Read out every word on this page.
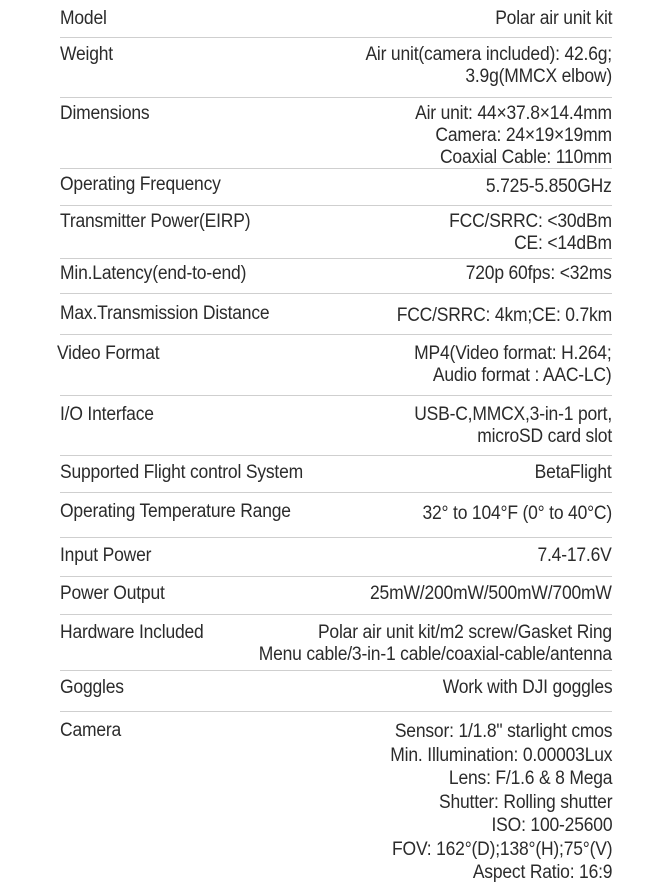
Model	Polar air unit kit
Weight	Air unit(camera included): 42.6g;
3.9g(MMCX elbow)
Dimensions	Air unit: 44×37.8×14.4mm
Camera: 24×19×19mm
Coaxial Cable: 110mm
Operating Frequency	5.725-5.850GHz
Transmitter Power(EIRP)	FCC/SRRC: <30dBm
CE: <14dBm
Min.Latency(end-to-end)	720p 60fps: <32ms
Max.Transmission Distance	FCC/SRRC: 4km;CE: 0.7km
Video Format	MP4(Video format: H.264;
Audio format : AAC-LC)
I/O Interface	USB-C,MMCX,3-in-1 port,
microSD card slot
Supported Flight control System	BetaFlight
Operating Temperature Range	32° to 104°F (0° to 40°C)
Input Power	7.4-17.6V
Power Output	25mW/200mW/500mW/700mW
Hardware Included	Polar air unit kit/m2 screw/Gasket Ring
Menu cable/3-in-1 cable/coaxial-cable/antenna
Goggles	Work with DJI goggles
Camera	Sensor: 1/1.8" starlight cmos
Min. Illumination: 0.00003Lux
Lens: F/1.6 & 8 Mega
Shutter: Rolling shutter
ISO: 100-25600
FOV: 162°(D);138°(H);75°(V)
Aspect Ratio: 16:9
